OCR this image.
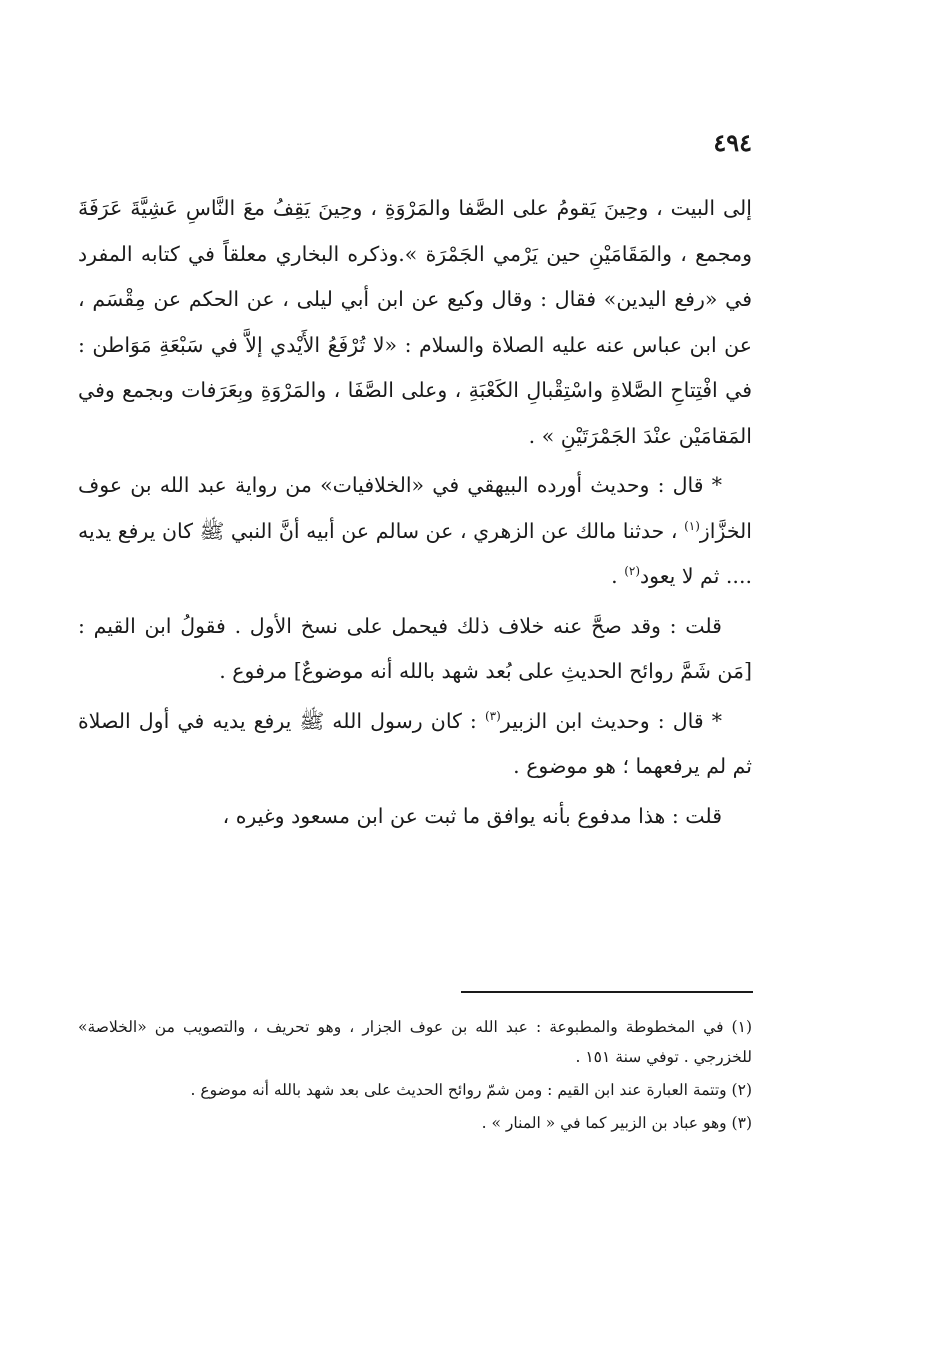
٤٩٤

إلى البيت ، وحِينَ يَقومُ على الصَّفا والمَرْوَةِ ، وحِينَ يَقِفُ معَ النَّاسِ عَشِيَّةَ عَرَفَةَ ومجمع ، والمَقَامَيْنِ حين يَرْمي الجَمْرَة ».وذكره البخاري معلقاً في كتابه المفرد في «رفع اليدين» فقال : وقال وكيع عن ابن أبي ليلى ، عن الحكم عن مِقْسَم ، عن ابن عباس عنه عليه الصلاة والسلام : «لا تُرْفَعُ الأَيْدي إلاَّ في سَبْعَةِ مَوَاطن : في افْتِتاحِ الصَّلاةِ واسْتِقْبالِ الكَعْبَةِ ، وعلى الصَّفَا ، والمَرْوَةِ وبِعَرَفات وبجمع وفي المَقامَيْن عنْدَ الجَمْرَتَيْنِ » .

* قال : وحديث أورده البيهقي في «الخلافيات» من رواية عبد الله بن عوف الخزَّاز$^{(١)}$ ، حدثنا مالك عن الزهري ، عن سالم عن أبيه أنَّ النبي ﷺ كان يرفع يديه .... ثم لا يعود$^{(٢)}$ .

قلت : وقد صحَّ عنه خلاف ذلك فيحمل على نسخ الأول . فقولُ ابن القيم : [مَن شَمَّ روائح الحديثِ على بُعد شهد بالله أنه موضوعٌ] مرفوع .

* قال : وحديث ابن الزبير$^{(٣)}$ : كان رسول الله ﷺ يرفع يديه في أول الصلاة ثم لم يرفعهما ؛ هو موضوع .

قلت : هذا مدفوع بأنه يوافق ما ثبت عن ابن مسعود وغيره ،

(١) في المخطوطة والمطبوعة : عبد الله بن عوف الجزار ، وهو تحريف ، والتصويب من «الخلاصة» للخزرجي . توفي سنة ١٥١ .

(٢) وتتمة العبارة عند ابن القيم : ومن شمّ روائح الحديث على بعد شهد بالله أنه موضوع .

(٣) وهو عباد بن الزبير كما في « المنار » .
